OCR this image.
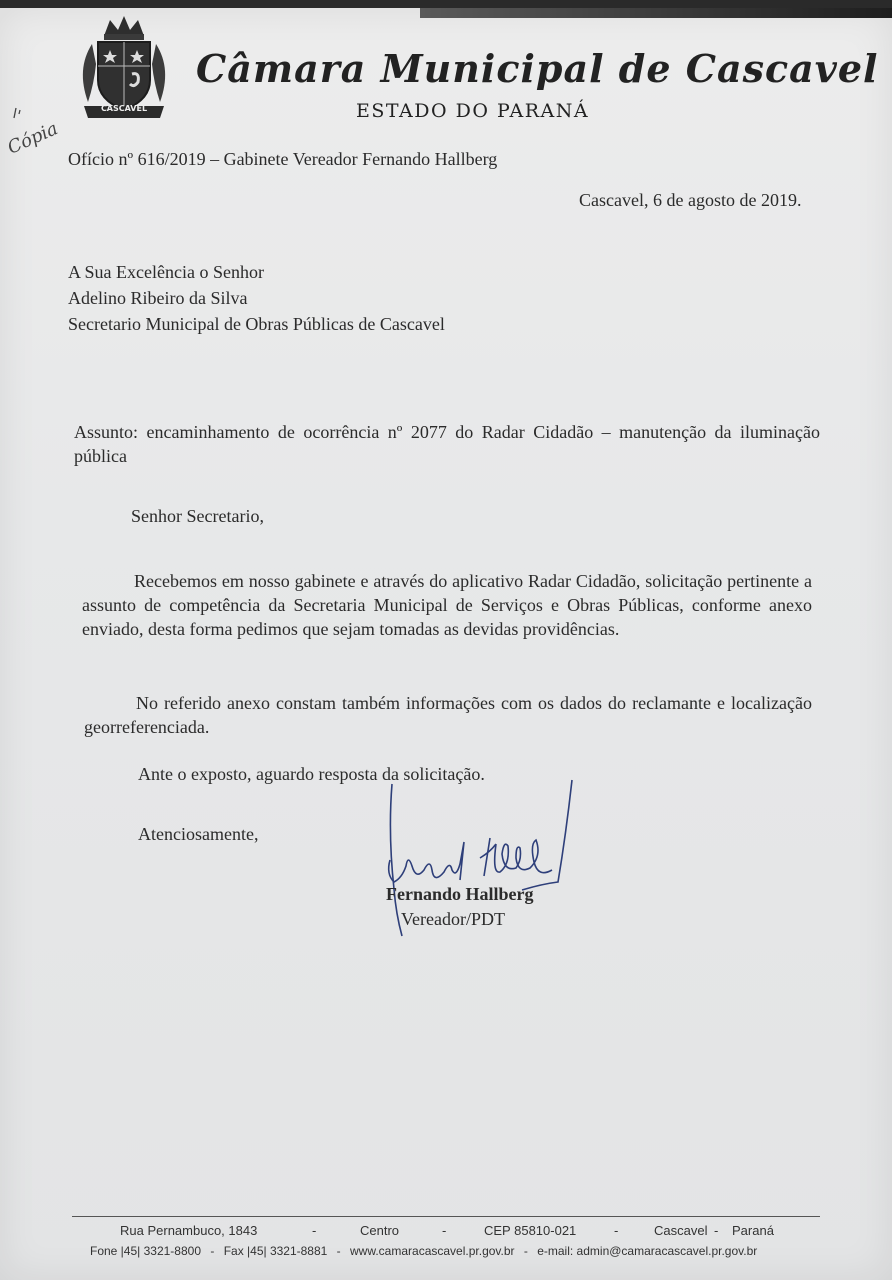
CASCAVEL
Câmara Municipal de Cascavel
ESTADO DO PARANÁ
Cópia
Ofício nº 616/2019 – Gabinete Vereador Fernando Hallberg
Cascavel, 6 de agosto de 2019.
A Sua Excelência o Senhor
Adelino Ribeiro da Silva
Secretario Municipal de Obras Públicas de Cascavel
Assunto: encaminhamento de ocorrência nº 2077 do Radar Cidadão – manutenção da iluminação pública
Senhor Secretario,
Recebemos em nosso gabinete e através do aplicativo Radar Cidadão, solicitação pertinente a assunto de competência da Secretaria Municipal de Serviços e Obras Públicas, conforme anexo enviado, desta forma pedimos que sejam tomadas as devidas providências.
No referido anexo constam também informações com os dados do reclamante e localização georreferenciada.
Ante o exposto, aguardo resposta da solicitação.
Atenciosamente,
Fernando Hallberg
Vereador/PDT
Rua Pernambuco, 1843	-	Centro	-	CEP 85810-021	-	Cascavel - Paraná
Fone |45| 3321-8800 - Fax |45| 3321-8881 - www.camaracascavel.pr.gov.br - e-mail: admin@camaracascavel.pr.gov.br
